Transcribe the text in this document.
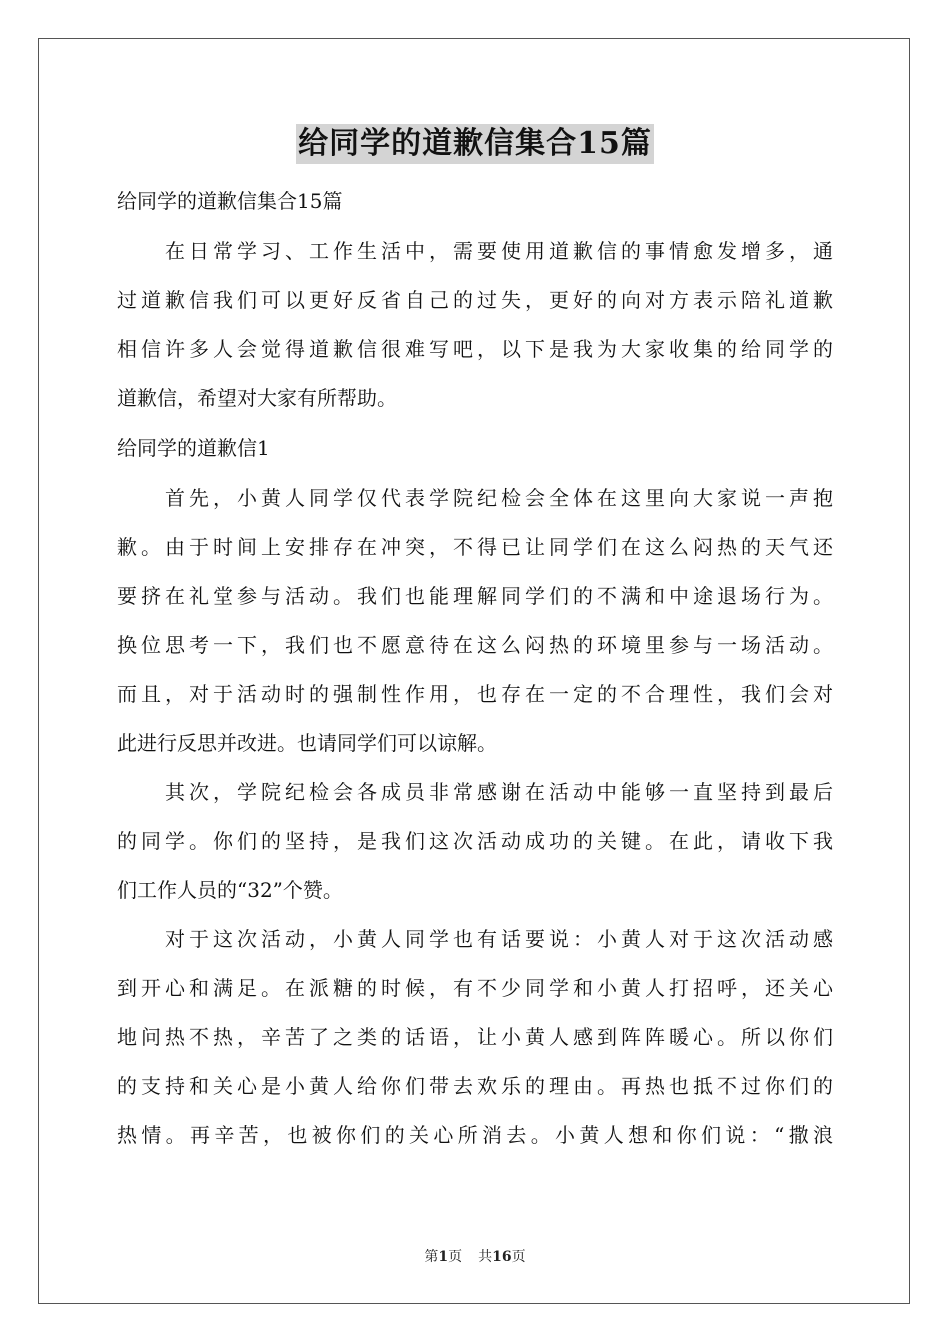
给同学的道歉信集合15篇
给同学的道歉信集合15篇
在日常学习、工作生活中，需要使用道歉信的事情愈发增多，通
过道歉信我们可以更好反省自己的过失，更好的向对方表示陪礼道歉
相信许多人会觉得道歉信很难写吧，以下是我为大家收集的给同学的
道歉信，希望对大家有所帮助。
给同学的道歉信1
首先，小黄人同学仅代表学院纪检会全体在这里向大家说一声抱
歉。由于时间上安排存在冲突，不得已让同学们在这么闷热的天气还
要挤在礼堂参与活动。我们也能理解同学们的不满和中途退场行为。
换位思考一下，我们也不愿意待在这么闷热的环境里参与一场活动。
而且，对于活动时的强制性作用，也存在一定的不合理性，我们会对
此进行反思并改进。也请同学们可以谅解。
其次，学院纪检会各成员非常感谢在活动中能够一直坚持到最后
的同学。你们的坚持，是我们这次活动成功的关键。在此，请收下我
们工作人员的“32”个赞。
对于这次活动，小黄人同学也有话要说：小黄人对于这次活动感
到开心和满足。在派糖的时候，有不少同学和小黄人打招呼，还关心
地问热不热，辛苦了之类的话语，让小黄人感到阵阵暖心。所以你们
的支持和关心是小黄人给你们带去欢乐的理由。再热也抵不过你们的
热情。再辛苦，也被你们的关心所消去。小黄人想和你们说：“撒浪
第1页 共16页
